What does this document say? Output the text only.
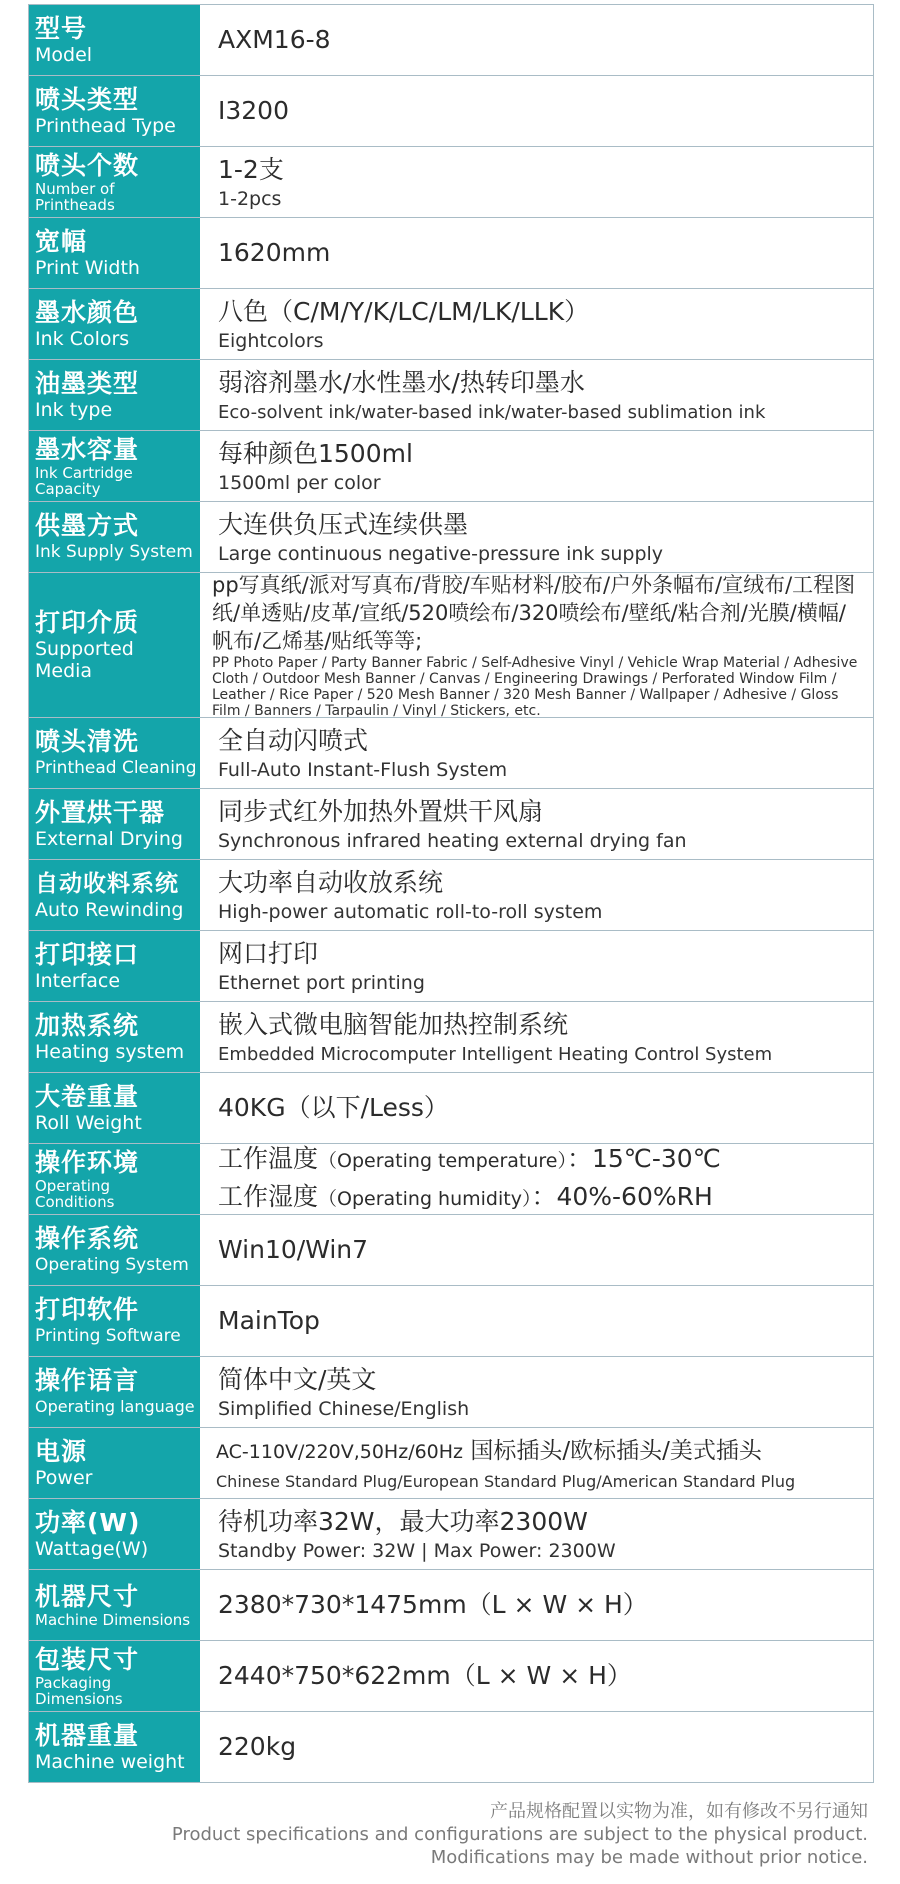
型号
Model
AXM16-8
喷头类型
Printhead Type
I3200
喷头个数
Number of Printheads
1-2支
1-2pcs
宽幅
Print Width
1620mm
墨水颜色
Ink Colors
八色（C/M/Y/K/LC/LM/LK/LLK）
Eightcolors
油墨类型
Ink type
弱溶剂墨水/水性墨水/热转印墨水
Eco-solvent ink/water-based ink/water-based sublimation ink
墨水容量
Ink Cartridge Capacity
每种颜色1500ml
1500ml per color
供墨方式
Ink Supply System
大连供负压式连续供墨
Large continuous negative-pressure ink supply
打印介质
Supported Media
pp写真纸/派对写真布/背胶/车贴材料/胶布/户外条幅布/宣绒布/工程图纸/单透贴/皮革/宣纸/520喷绘布/320喷绘布/壁纸/粘合剂/光膜/横幅/帆布/乙烯基/贴纸等等;
PP Photo Paper / Party Banner Fabric / Self-Adhesive Vinyl / Vehicle Wrap Material / Adhesive Cloth / Outdoor Mesh Banner / Canvas / Engineering Drawings / Perforated Window Film / Leather / Rice Paper / 520 Mesh Banner / 320 Mesh Banner / Wallpaper / Adhesive / Gloss Film / Banners / Tarpaulin / Vinyl / Stickers, etc.
喷头清洗
Printhead Cleaning
全自动闪喷式
Full-Auto Instant-Flush System
外置烘干器
External Drying
同步式红外加热外置烘干风扇
Synchronous infrared heating external drying fan
自动收料系统
Auto Rewinding
大功率自动收放系统
High-power automatic roll-to-roll system
打印接口
Interface
网口打印
Ethernet port printing
加热系统
Heating system
嵌入式微电脑智能加热控制系统
Embedded Microcomputer Intelligent Heating Control System
大卷重量
Roll Weight
40KG（以下/Less）
操作环境
Operating Conditions
工作温度（Operating temperature）：15℃-30℃
工作湿度（Operating humidity）：40%-60%RH
操作系统
Operating System
Win10/Win7
打印软件
Printing Software
MainTop
操作语言
Operating language
简体中文/英文
Simplified Chinese/English
电源
Power
AC-110V/220V,50Hz/60Hz 国标插头/欧标插头/美式插头
Chinese Standard Plug/European Standard Plug/American Standard Plug
功率(W)
Wattage(W)
待机功率32W，最大功率2300W
Standby Power: 32W | Max Power: 2300W
机器尺寸
Machine Dimensions
2380*730*1475mm（L × W × H）
包装尺寸
Packaging Dimensions
2440*750*622mm（L × W × H）
机器重量
Machine weight
220kg
产品规格配置以实物为准，如有修改不另行通知
Product specifications and configurations are subject to the physical product.
Modifications may be made without prior notice.
